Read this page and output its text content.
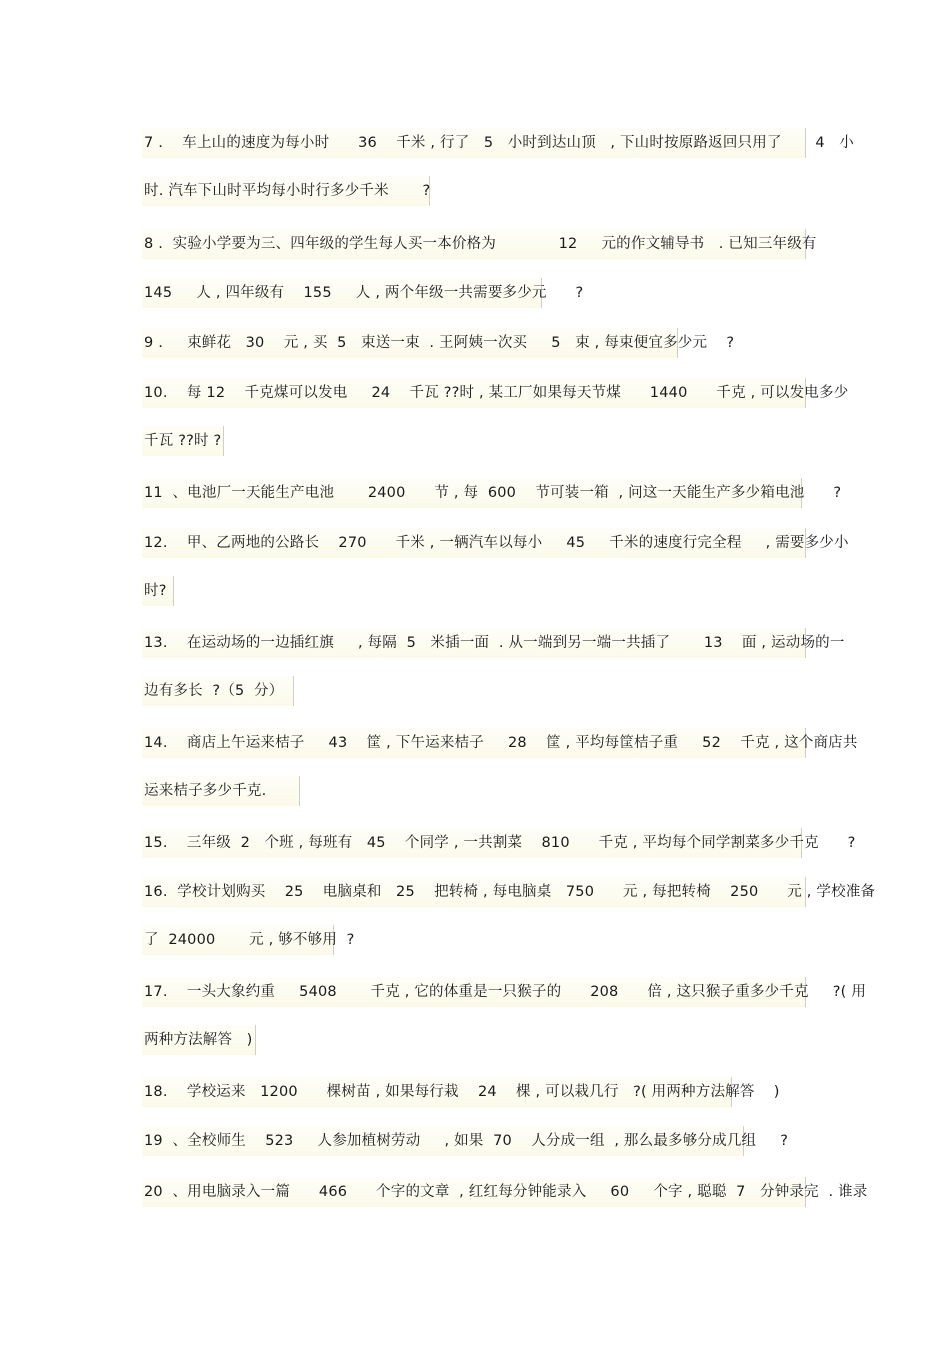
7 .    车上山的速度为每小时      36    千米 , 行了   5   小时到达山顶   , 下山时按原路返回只用了       4   小
时. 汽车下山时平均每小时行多少千米       ?
8 .  实验小学要为三、四年级的学生每人买一本价格为             12     元的作文辅导书   . 已知三年级有
145     人 , 四年级有    155     人 , 两个年级一共需要多少元      ?
9 .     束鲜花   30    元 , 买  5   束送一束  . 王阿姨一次买     5   束 , 每束便宜多少元    ?
10.    每 12    千克煤可以发电     24    千瓦 ??时 , 某工厂如果每天节煤      1440      千克 , 可以发电多少
千瓦 ??时 ?
11  、电池厂一天能生产电池       2400      节 , 每  600    节可装一箱  , 问这一天能生产多少箱电池      ?
12.    甲、乙两地的公路长    270      千米 , 一辆汽车以每小     45     千米的速度行完全程     , 需要多少小
时?
13.    在运动场的一边插红旗     , 每隔  5   米插一面  . 从一端到另一端一共插了       13    面 , 运动场的一
边有多长  ?（5  分）
14.    商店上午运来桔子     43    筐 , 下午运来桔子     28    筐 , 平均每筐桔子重     52    千克 , 这个商店共
运来桔子多少千克.
15.    三年级  2   个班 , 每班有   45    个同学 , 一共割菜    810      千克 , 平均每个同学割菜多少千克      ?
16.  学校计划购买    25    电脑桌和   25    把转椅 , 每电脑桌   750      元 , 每把转椅    250      元 , 学校准备
了  24000       元 , 够不够用  ?
17.    一头大象约重     5408       千克 , 它的体重是一只猴子的      208      倍 , 这只猴子重多少千克     ?( 用
两种方法解答   )
18.    学校运来   1200      棵树苗 , 如果每行栽    24    棵 , 可以栽几行   ?( 用两种方法解答    )
19  、全校师生    523     人参加植树劳动     , 如果  70    人分成一组  , 那么最多够分成几组     ?
20  、用电脑录入一篇      466      个字的文章  , 红红每分钟能录入     60     个字 , 聪聪  7   分钟录完  . 谁录
